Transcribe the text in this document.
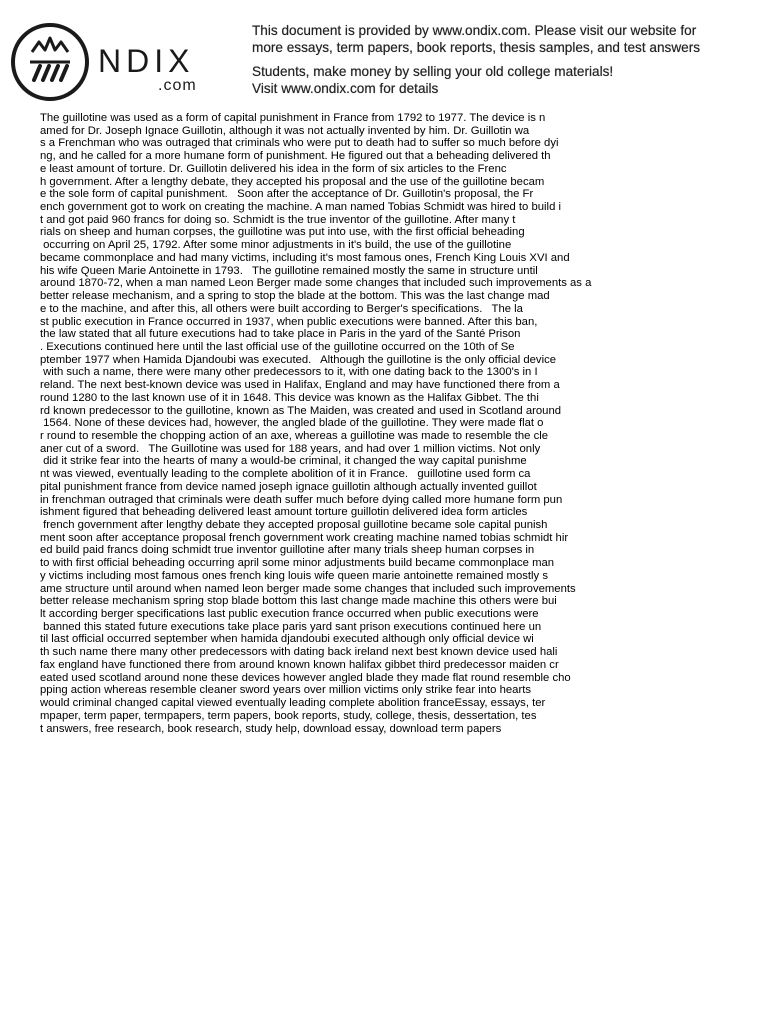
NDIX
.com
This document is provided by www.ondix.com. Please visit our website for
more essays, term papers, book reports, thesis samples, and test answers
Students, make money by selling your old college materials!
Visit www.ondix.com for details
The guillotine was used as a form of capital punishment in France from 1792 to 1977. The device is n
amed for Dr. Joseph Ignace Guillotin, although it was not actually invented by him. Dr. Guillotin wa
s a Frenchman who was outraged that criminals who were put to death had to suffer so much before dyi
ng, and he called for a more humane form of punishment. He figured out that a beheading delivered th
e least amount of torture. Dr. Guillotin delivered his idea in the form of six articles to the Frenc
h government. After a lengthy debate, they accepted his proposal and the use of the guillotine becam
e the sole form of capital punishment.   Soon after the acceptance of Dr. Guillotin's proposal, the Fr
ench government got to work on creating the machine. A man named Tobias Schmidt was hired to build i
t and got paid 960 francs for doing so. Schmidt is the true inventor of the guillotine. After many t
rials on sheep and human corpses, the guillotine was put into use, with the first official beheading
occurring on April 25, 1792. After some minor adjustments in it's build, the use of the guillotine
became commonplace and had many victims, including it's most famous ones, French King Louis XVI and
his wife Queen Marie Antoinette in 1793.   The guillotine remained mostly the same in structure until
around 1870-72, when a man named Leon Berger made some changes that included such improvements as a
better release mechanism, and a spring to stop the blade at the bottom. This was the last change mad
e to the machine, and after this, all others were built according to Berger's specifications.   The la
st public execution in France occurred in 1937, when public executions were banned. After this ban,
the law stated that all future executions had to take place in Paris in the yard of the Santé Prison
. Executions continued here until the last official use of the guillotine occurred on the 10th of Se
ptember 1977 when Hamida Djandoubi was executed.   Although the guillotine is the only official device
with such a name, there were many other predecessors to it, with one dating back to the 1300's in I
reland. The next best-known device was used in Halifax, England and may have functioned there from a
round 1280 to the last known use of it in 1648. This device was known as the Halifax Gibbet. The thi
rd known predecessor to the guillotine, known as The Maiden, was created and used in Scotland around
1564. None of these devices had, however, the angled blade of the guillotine. They were made flat o
r round to resemble the chopping action of an axe, whereas a guillotine was made to resemble the cle
aner cut of a sword.   The Guillotine was used for 188 years, and had over 1 million victims. Not only
did it strike fear into the hearts of many a would-be criminal, it changed the way capital punishme
nt was viewed, eventually leading to the complete abolition of it in France.   guillotine used form ca
pital punishment france from device named joseph ignace guillotin although actually invented guillot
in frenchman outraged that criminals were death suffer much before dying called more humane form pun
ishment figured that beheading delivered least amount torture guillotin delivered idea form articles
french government after lengthy debate they accepted proposal guillotine became sole capital punish
ment soon after acceptance proposal french government work creating machine named tobias schmidt hir
ed build paid francs doing schmidt true inventor guillotine after many trials sheep human corpses in
to with first official beheading occurring april some minor adjustments build became commonplace man
y victims including most famous ones french king louis wife queen marie antoinette remained mostly s
ame structure until around when named leon berger made some changes that included such improvements
better release mechanism spring stop blade bottom this last change made machine this others were bui
lt according berger specifications last public execution france occurred when public executions were
banned this stated future executions take place paris yard sant prison executions continued here un
til last official occurred september when hamida djandoubi executed although only official device wi
th such name there many other predecessors with dating back ireland next best known device used hali
fax england have functioned there from around known known halifax gibbet third predecessor maiden cr
eated used scotland around none these devices however angled blade they made flat round resemble cho
pping action whereas resemble cleaner sword years over million victims only strike fear into hearts
would criminal changed capital viewed eventually leading complete abolition franceEssay, essays, ter
mpaper, term paper, termpapers, term papers, book reports, study, college, thesis, dessertation, tes
t answers, free research, book research, study help, download essay, download term papers
